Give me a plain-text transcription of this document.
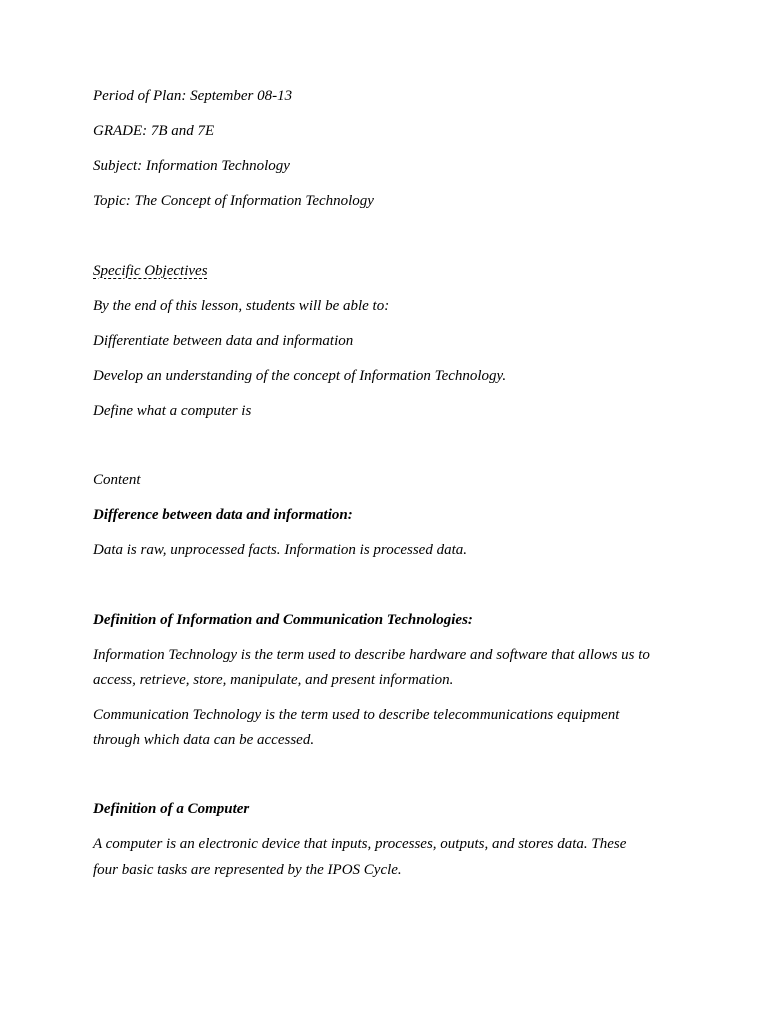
Period of Plan: September 08-13

GRADE: 7B and 7E

Subject: Information Technology

Topic: The Concept of Information Technology

Specific Objectives

By the end of this lesson, students will be able to:

Differentiate between data and information

Develop an understanding of the concept of Information Technology.

Define what a computer is

Content

Difference between data and information:

Data is raw, unprocessed facts. Information is processed data.

Definition of Information and Communication Technologies:

Information Technology is the term used to describe hardware and software that allows us to

access, retrieve, store, manipulate, and present information.

Communication Technology is the term used to describe telecommunications equipment

through which data can be accessed.

Definition of a Computer

A computer is an electronic device that inputs, processes, outputs, and stores data. These

four basic tasks are represented by the IPOS Cycle.
